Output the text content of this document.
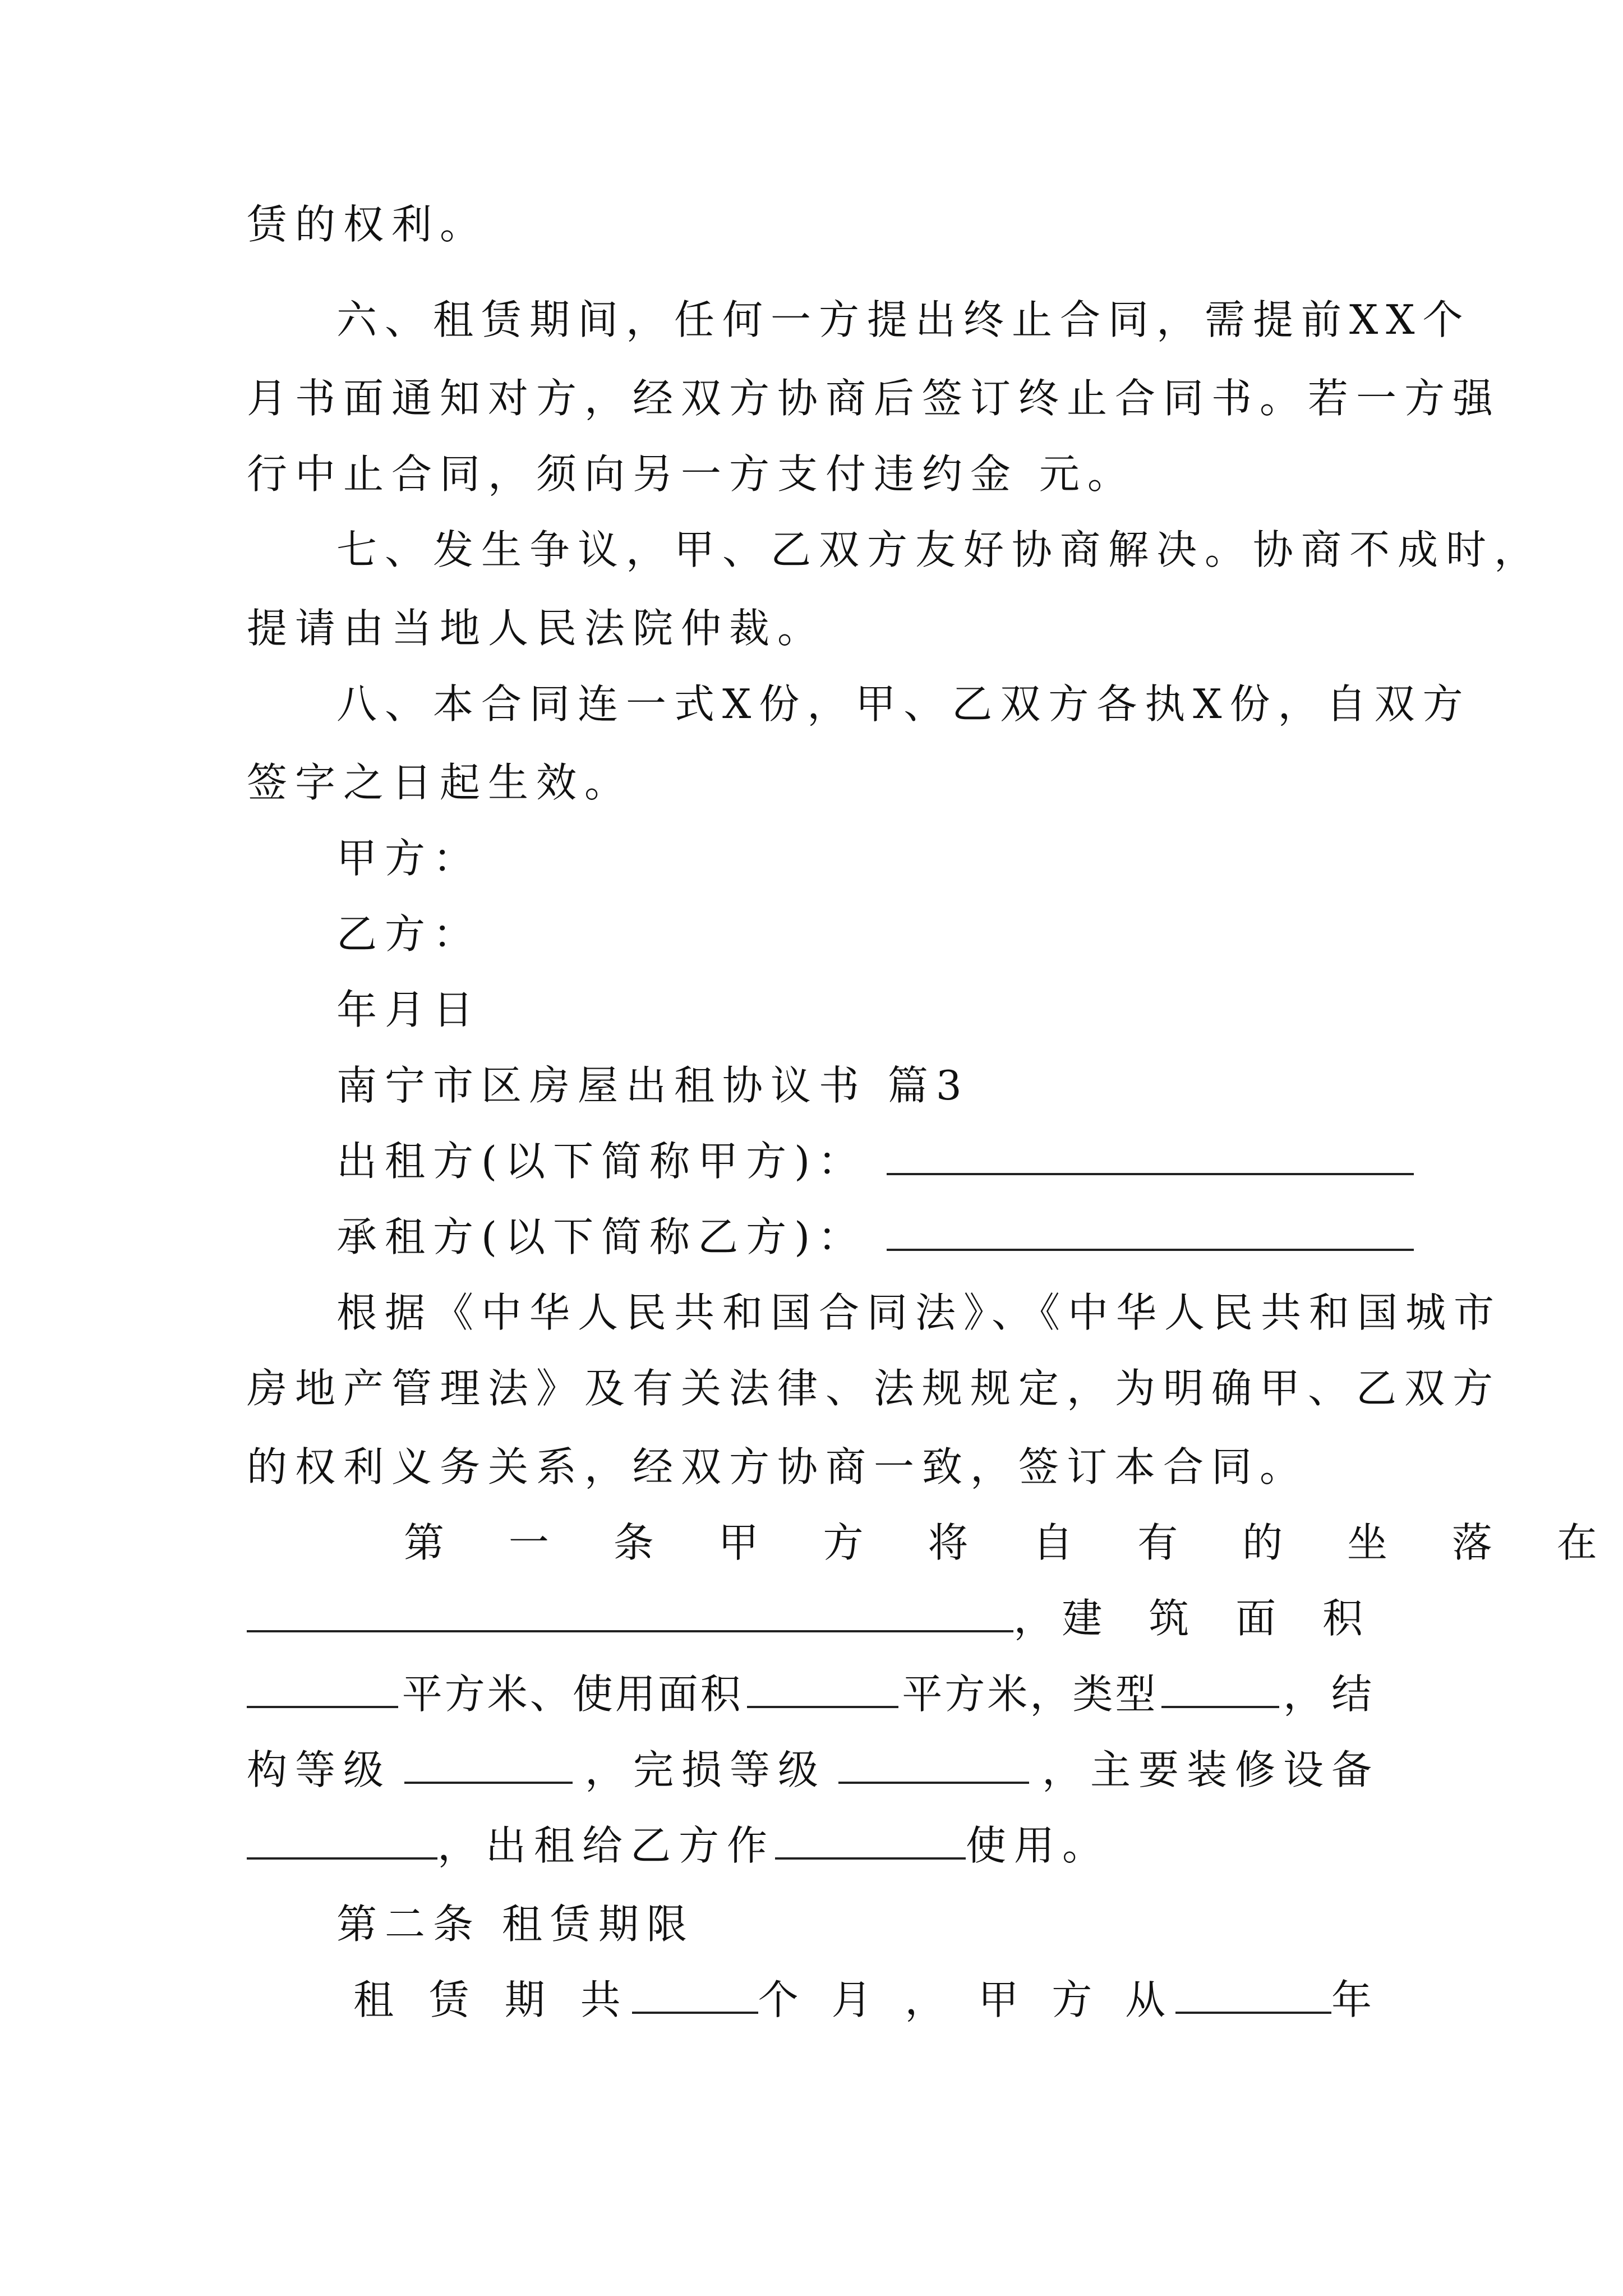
赁的权利。
六、租赁期间，任何一方提出终止合同，需提前XX个
月书面通知对方，经双方协商后签订终止合同书。若一方强
行中止合同，须向另一方支付违约金 元。
七、发生争议，甲、乙双方友好协商解决。协商不成时，
提请由当地人民法院仲裁。
八、本合同连一式X份，甲、乙双方各执X份，自双方
签字之日起生效。
甲方：
乙方：
年月日
南宁市区房屋出租协议书 篇3
出租方(以下简称甲方)：
承租方(以下简称乙方)：
根据《中华人民共和国合同法》、《中华人民共和国城市
房地产管理法》及有关法律、法规规定，为明确甲、乙双方
的权利义务关系，经双方协商一致，签订本合同。
第 一 条 甲 方 将 自 有 的 坐 落 在
， 建 筑 面 积
平方米、使用面积	平方米，类型	，结
构等级	，完损等级	，主要装修设备
，出租给乙方作	使用。
第二条 租赁期限
租 赁 期 共	个 月 ， 甲 方 从	年
